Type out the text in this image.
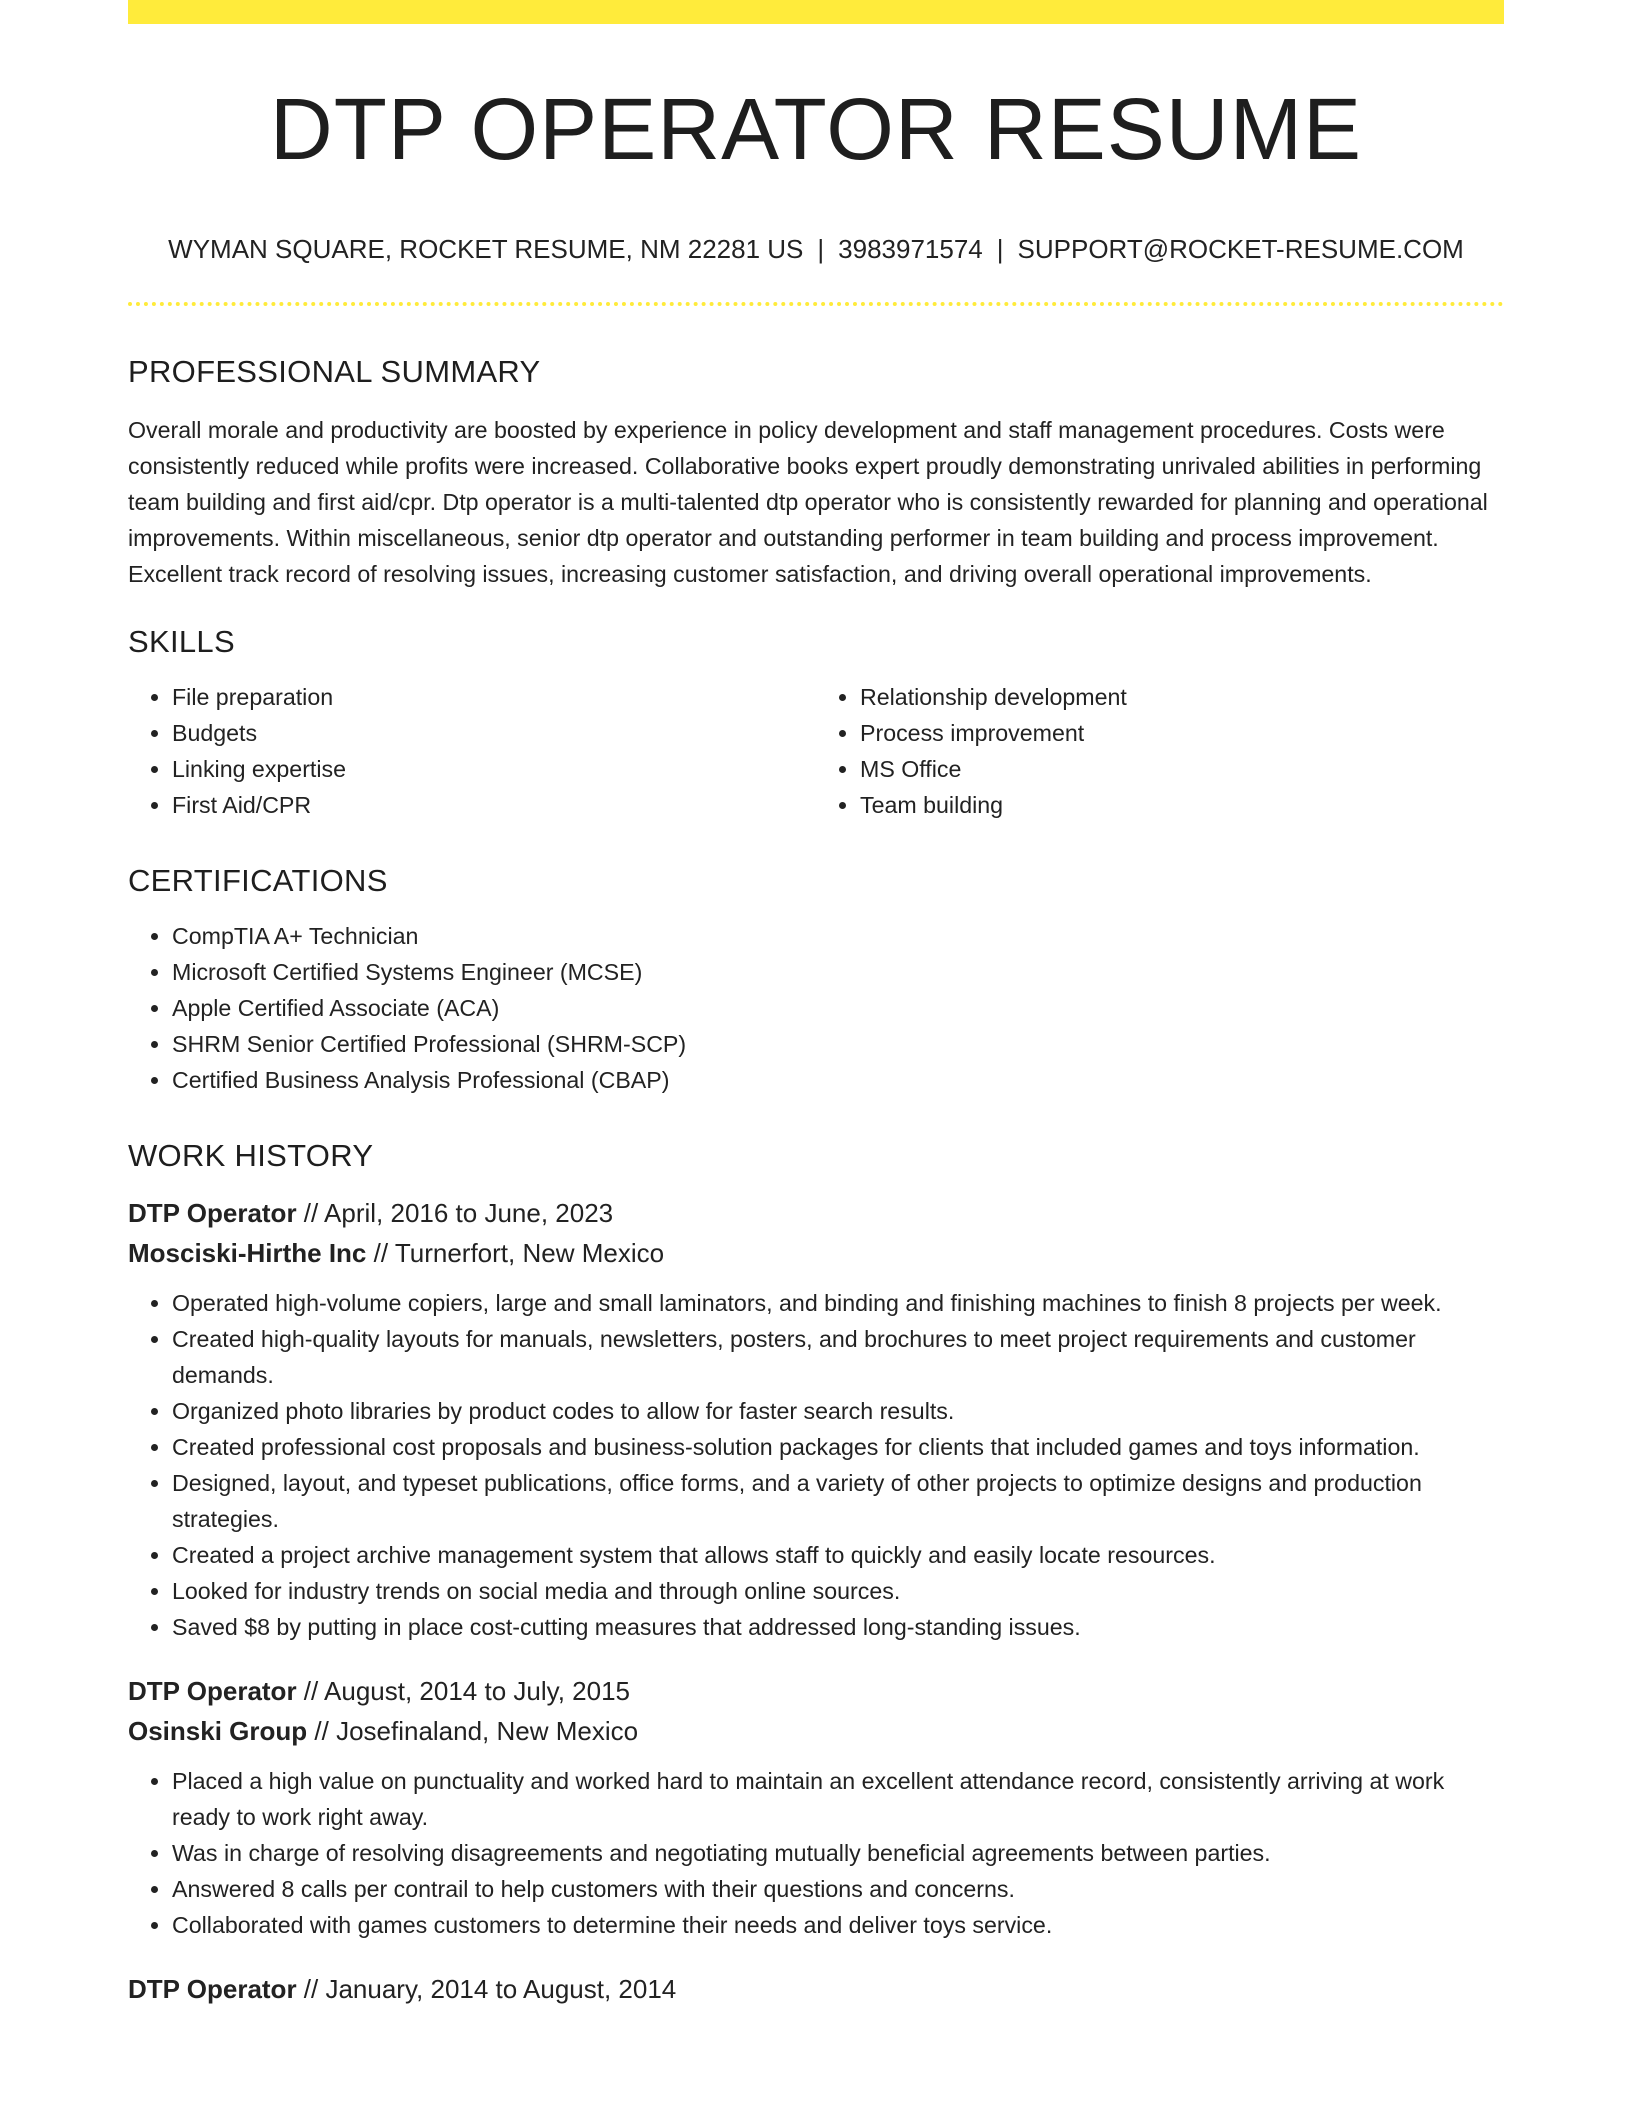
DTP OPERATOR RESUME
WYMAN SQUARE, ROCKET RESUME, NM 22281 US | 3983971574 | SUPPORT@ROCKET-RESUME.COM
PROFESSIONAL SUMMARY

Overall morale and productivity are boosted by experience in policy development and staff management procedures. Costs were consistently reduced while profits were increased. Collaborative books expert proudly demonstrating unrivaled abilities in performing team building and first aid/cpr. Dtp operator is a multi-talented dtp operator who is consistently rewarded for planning and operational improvements. Within miscellaneous, senior dtp operator and outstanding performer in team building and process improvement. Excellent track record of resolving issues, increasing customer satisfaction, and driving overall operational improvements.

SKILLS
• File preparation
• Budgets
• Linking expertise
• First Aid/CPR
• Relationship development
• Process improvement
• MS Office
• Team building
CERTIFICATIONS
• CompTIA A+ Technician
• Microsoft Certified Systems Engineer (MCSE)
• Apple Certified Associate (ACA)
• SHRM Senior Certified Professional (SHRM-SCP)
• Certified Business Analysis Professional (CBAP)
WORK HISTORY
DTP Operator // April, 2016 to June, 2023
Mosciski-Hirthe Inc // Turnerfort, New Mexico
• Operated high-volume copiers, large and small laminators, and binding and finishing machines to finish 8 projects per week.
• Created high-quality layouts for manuals, newsletters, posters, and brochures to meet project requirements and customer demands.
• Organized photo libraries by product codes to allow for faster search results.
• Created professional cost proposals and business-solution packages for clients that included games and toys information.
• Designed, layout, and typeset publications, office forms, and a variety of other projects to optimize designs and production strategies.
• Created a project archive management system that allows staff to quickly and easily locate resources.
• Looked for industry trends on social media and through online sources.
• Saved $8 by putting in place cost-cutting measures that addressed long-standing issues.
DTP Operator // August, 2014 to July, 2015
Osinski Group // Josefinaland, New Mexico
• Placed a high value on punctuality and worked hard to maintain an excellent attendance record, consistently arriving at work ready to work right away.
• Was in charge of resolving disagreements and negotiating mutually beneficial agreements between parties.
• Answered 8 calls per contrail to help customers with their questions and concerns.
• Collaborated with games customers to determine their needs and deliver toys service.
DTP Operator // January, 2014 to August, 2014
